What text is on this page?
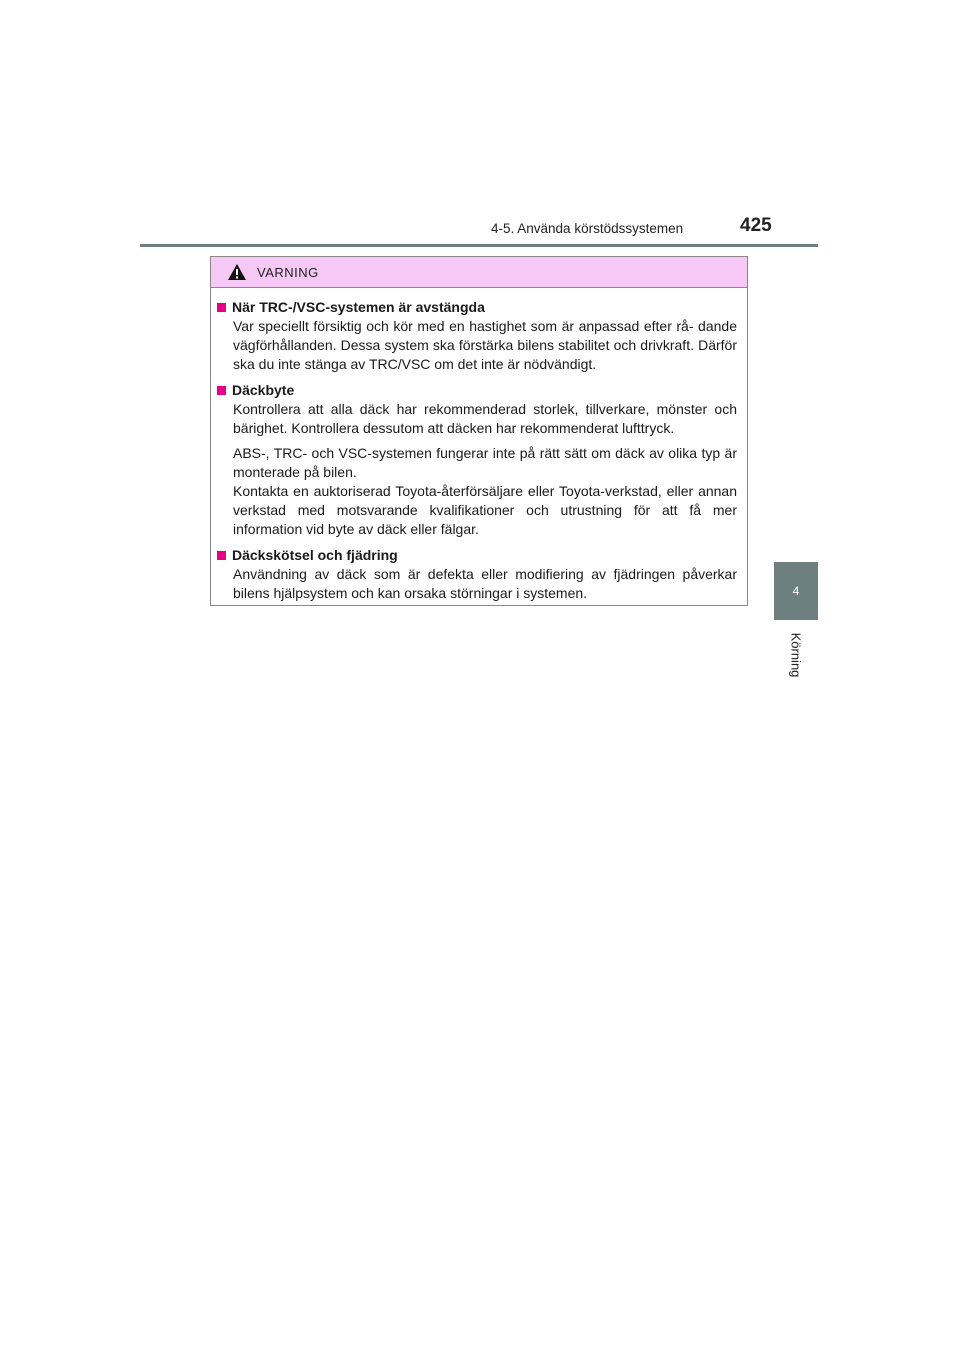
4-5. Använda körstödssystemen	425
4
Körning
VARNING
När TRC-/VSC-systemen är avstängda

Var speciellt försiktig och kör med en hastighet som är anpassad efter rå- dande vägförhållanden. Dessa system ska förstärka bilens stabilitet och drivkraft. Därför ska du inte stänga av TRC/VSC om det inte är nödvändigt.

Däckbyte

Kontrollera att alla däck har rekommenderad storlek, tillverkare, mönster och bärighet. Kontrollera dessutom att däcken har rekommenderat lufttryck.

ABS-, TRC- och VSC-systemen fungerar inte på rätt sätt om däck av olika typ är monterade på bilen.

Kontakta en auktoriserad Toyota-återförsäljare eller Toyota-verkstad, eller annan verkstad med motsvarande kvalifikationer och utrustning för att få mer information vid byte av däck eller fälgar.

Däckskötsel och fjädring

Användning av däck som är defekta eller modifiering av fjädringen påverkar bilens hjälpsystem och kan orsaka störningar i systemen.
